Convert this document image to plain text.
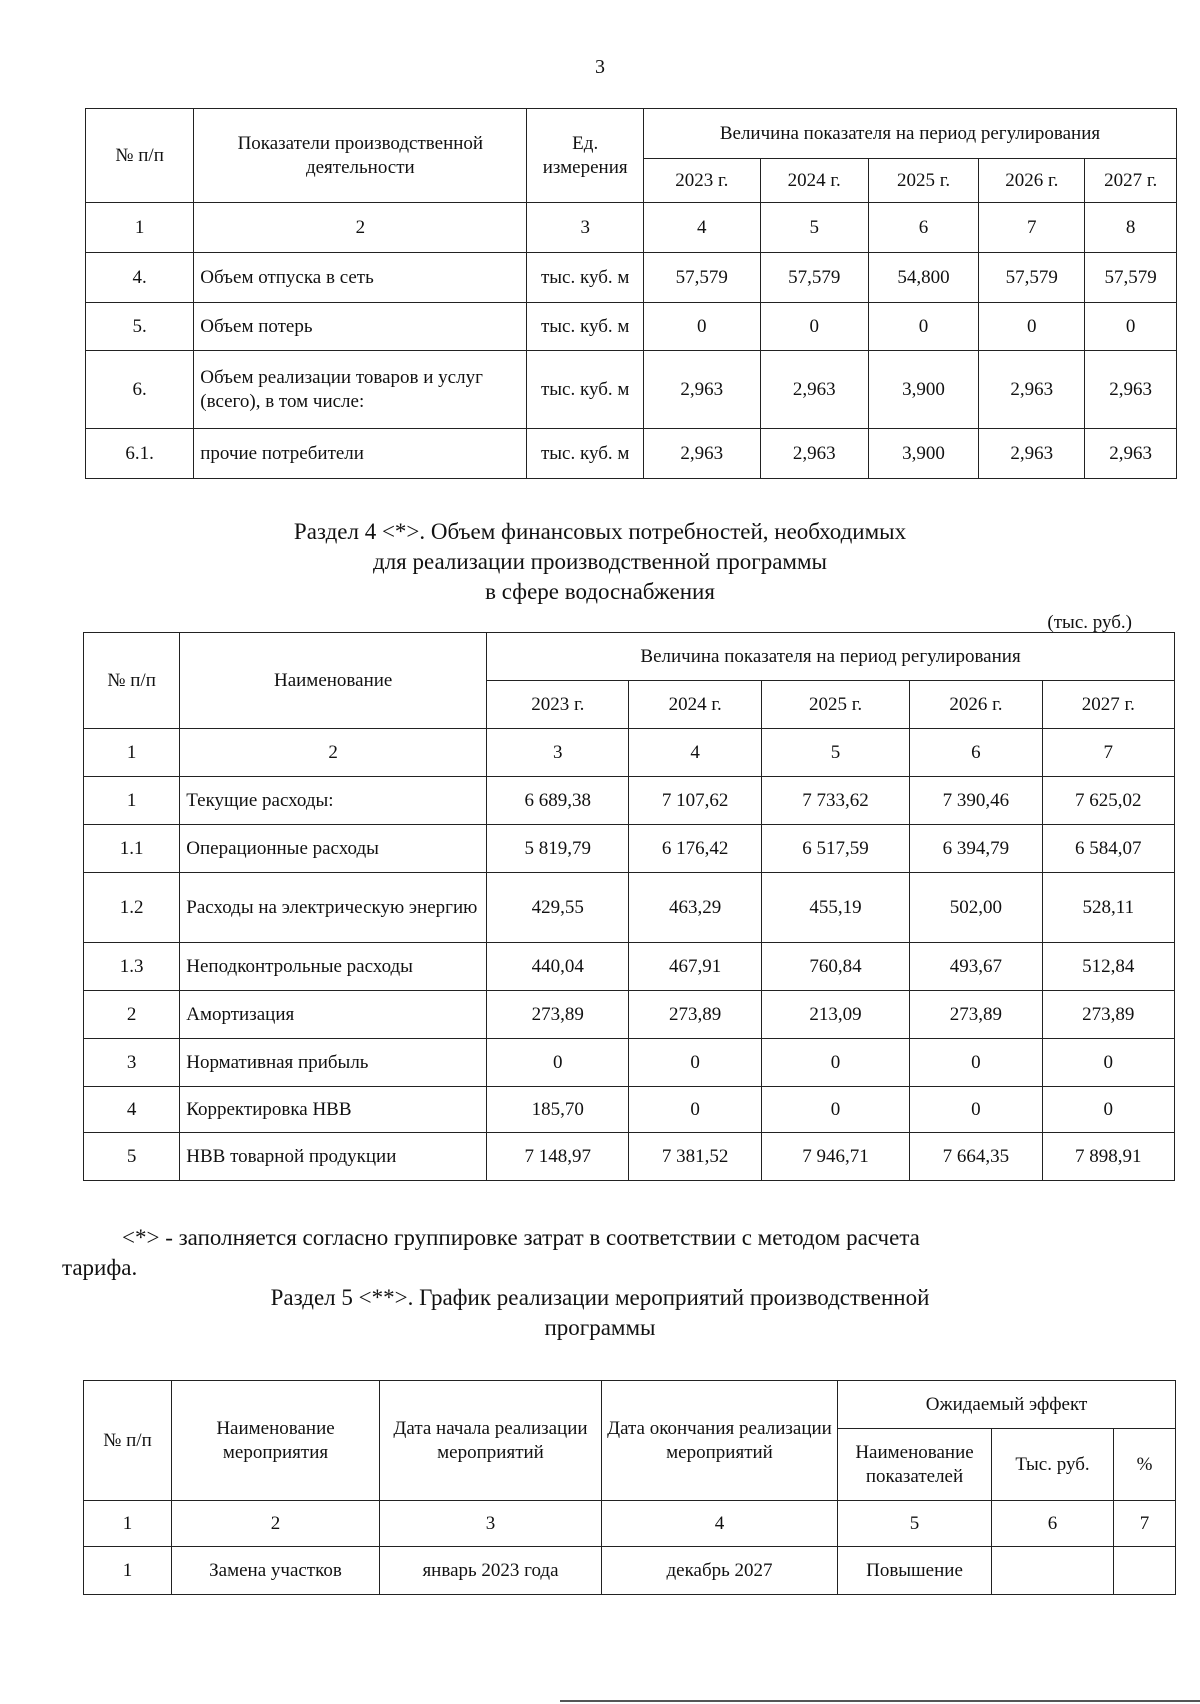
3
№ п/п	Показатели производственной деятельности	Ед. измерения	Величина показателя на период регулирования				
			2023 г.	2024 г.	2025 г.	2026 г.	2027 г.
1	2	3	4	5	6	7	8
4.	Объем отпуска в сеть	тыс. куб. м	57,579	57,579	54,800	57,579	57,579
5.	Объем потерь	тыс. куб. м	0	0	0	0	0
6.	Объем реализации товаров и услуг (всего), в том числе:	тыс. куб. м	2,963	2,963	3,900	2,963	2,963
6.1.	прочие потребители	тыс. куб. м	2,963	2,963	3,900	2,963	2,963
Раздел 4 <*>. Объем финансовых потребностей, необходимых
для реализации производственной программы
в сфере водоснабжения
(тыс. руб.)
№ п/п	Наименование	Величина показателя на период регулирования				
		2023 г.	2024 г.	2025 г.	2026 г.	2027 г.
1	2	3	4	5	6	7
1	Текущие расходы:	6 689,38	7 107,62	7 733,62	7 390,46	7 625,02
1.1	Операционные расходы	5 819,79	6 176,42	6 517,59	6 394,79	6 584,07
1.2	Расходы на электрическую энергию	429,55	463,29	455,19	502,00	528,11
1.3	Неподконтрольные расходы	440,04	467,91	760,84	493,67	512,84
2	Амортизация	273,89	273,89	213,09	273,89	273,89
3	Нормативная прибыль	0	0	0	0	0
4	Корректировка НВВ	185,70	0	0	0	0
5	НВВ товарной продукции	7 148,97	7 381,52	7 946,71	7 664,35	7 898,91
<*> - заполняется согласно группировке затрат в соответствии с методом расчета
тарифа.
Раздел 5 <**>. График реализации мероприятий производственной
программы
№ п/п	Наименование мероприятия	Дата начала реализации мероприятий	Дата окончания реализации мероприятий	Ожидаемый эффект		
				Наименование показателей	Тыс. руб.	%
1	2	3	4	5	6	7
1	Замена участков	январь 2023 года	декабрь 2027	Повышение		
